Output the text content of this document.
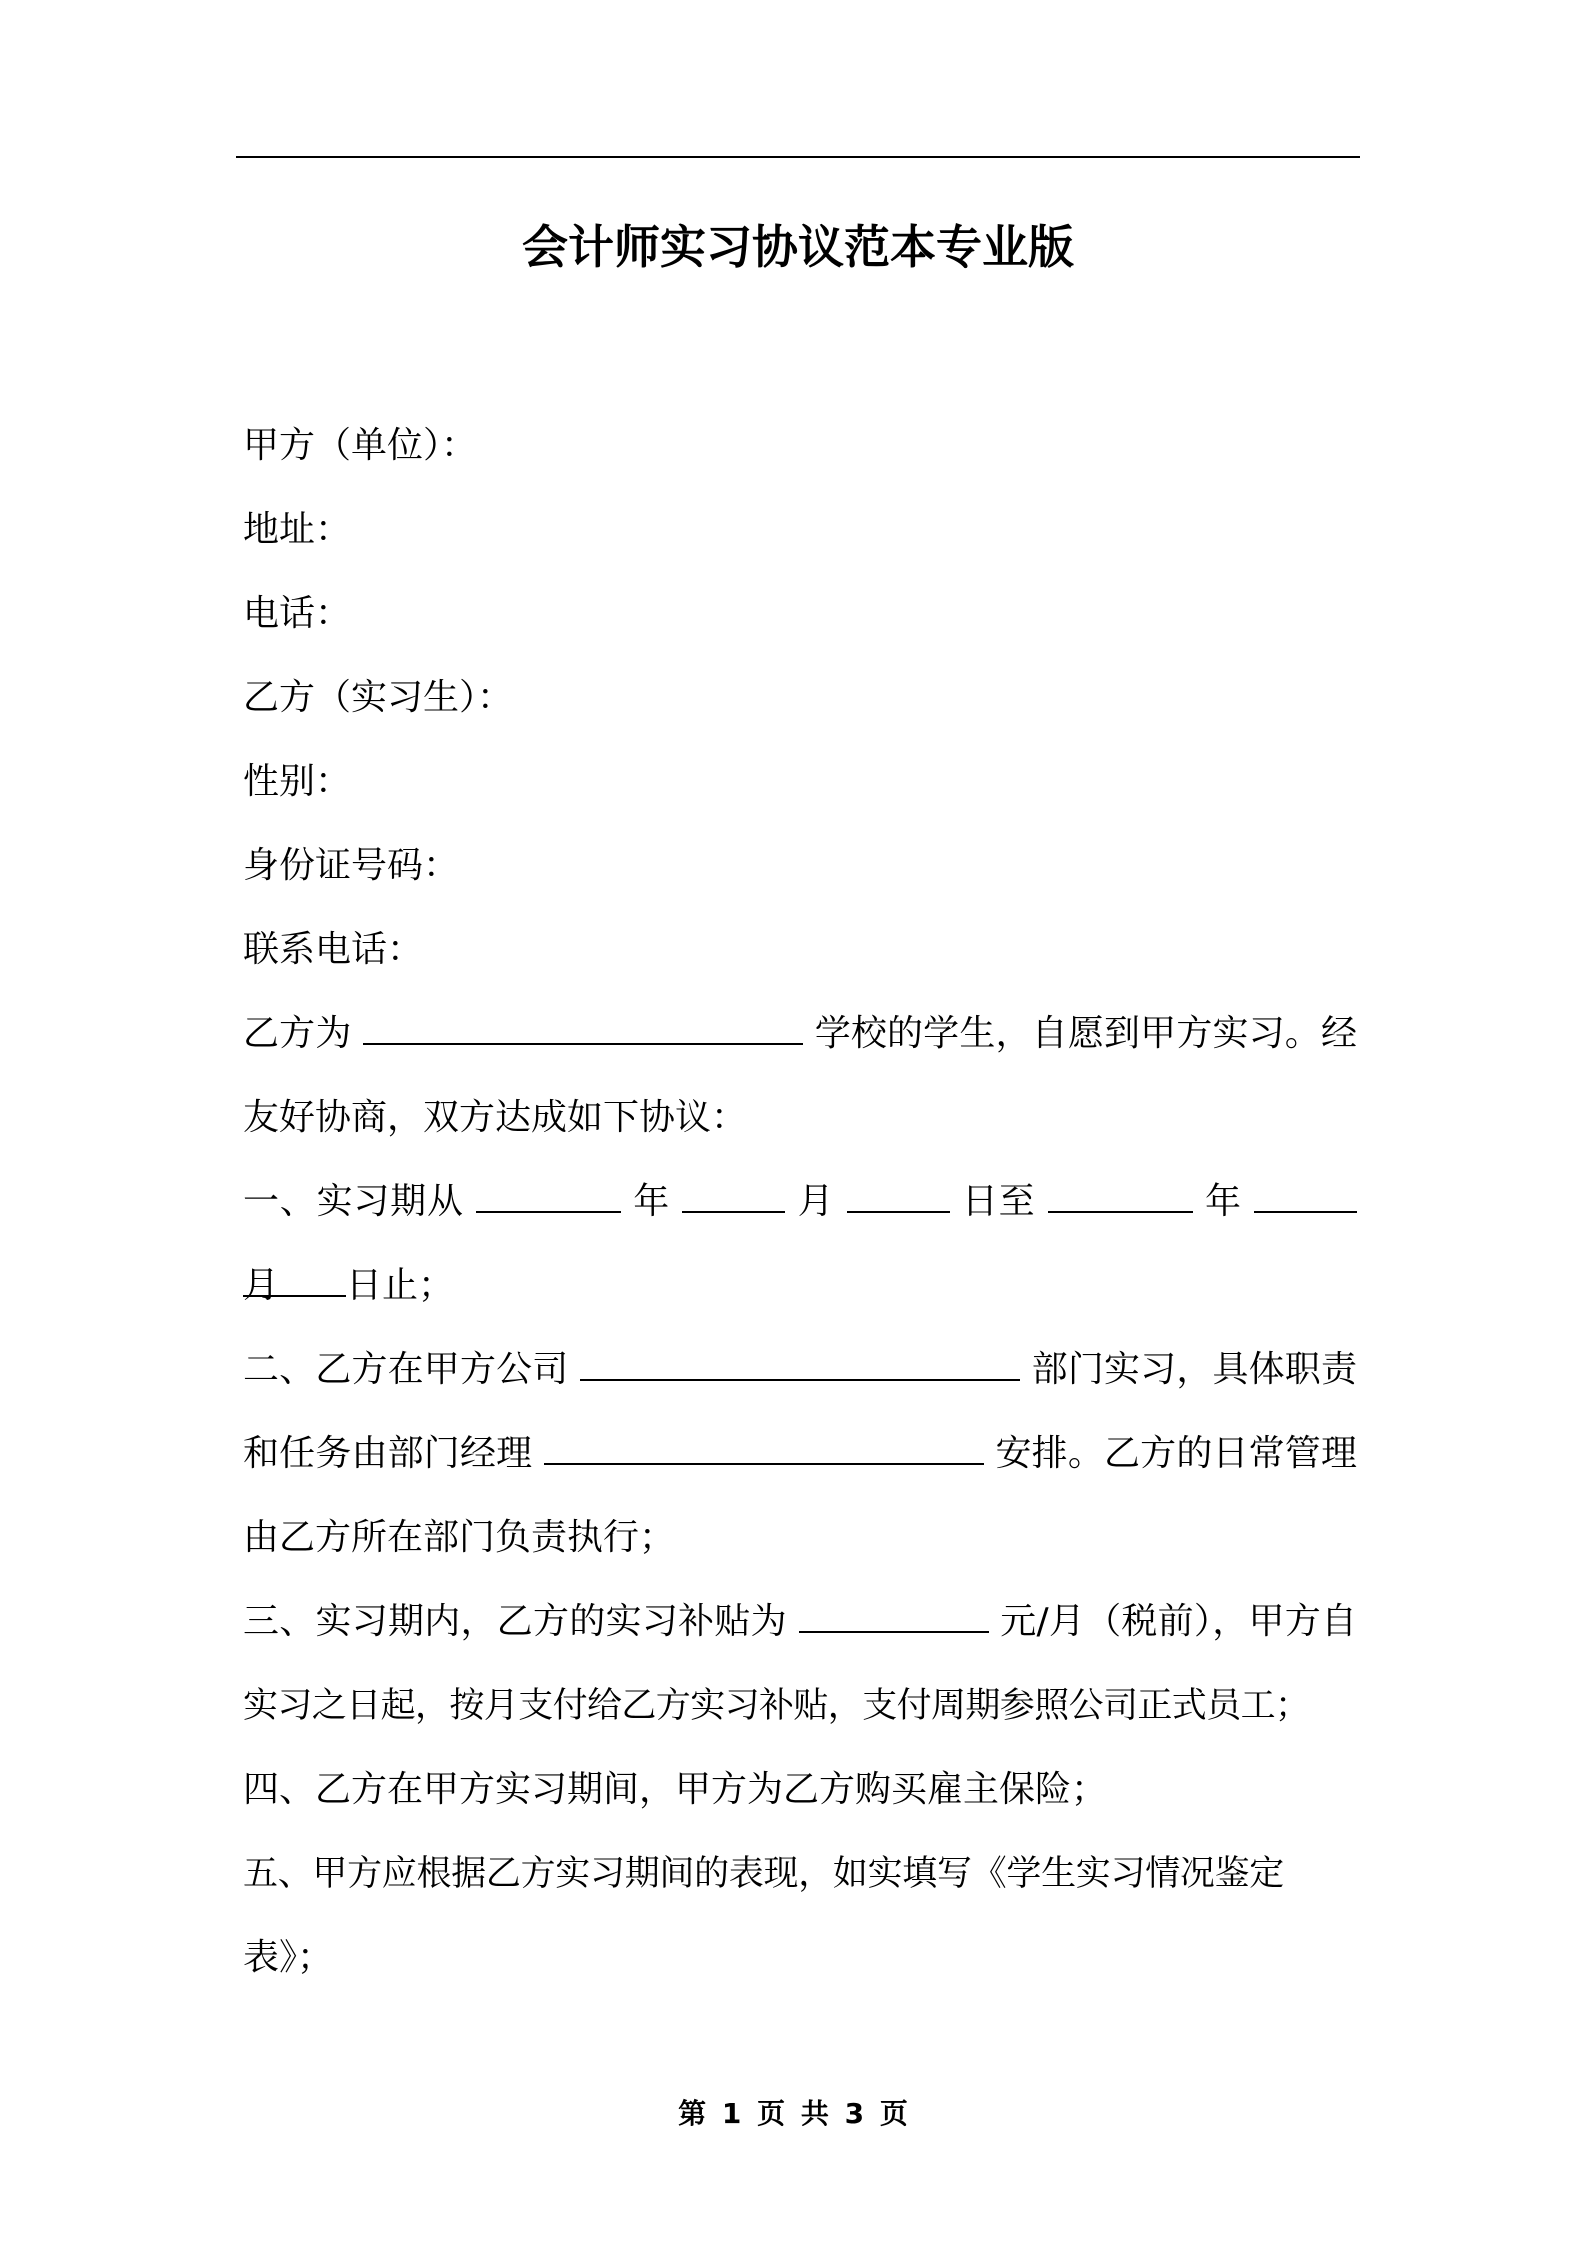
会计师实习协议范本专业版
甲方（单位）：
地址：
电话：
乙方（实习生）：
性别：
身份证号码：
联系电话：
乙方为	学校的学生，自愿到甲方实习。经
友好协商，双方达成如下协议：
一、实习期从	年	月	日至	年  月	日止；
二、乙方在甲方公司	部门实习，具体职责
和任务由部门经理	安排。乙方的日常管理
由乙方所在部门负责执行；
三、实习期内，乙方的实习补贴为	元/月（税前），甲方自
实习之日起，按月支付给乙方实习补贴，支付周期参照公司正式员工；
四、乙方在甲方实习期间，甲方为乙方购买雇主保险；
五、甲方应根据乙方实习期间的表现，如实填写《学生实习情况鉴定
表》；
第 1 页 共 3 页
